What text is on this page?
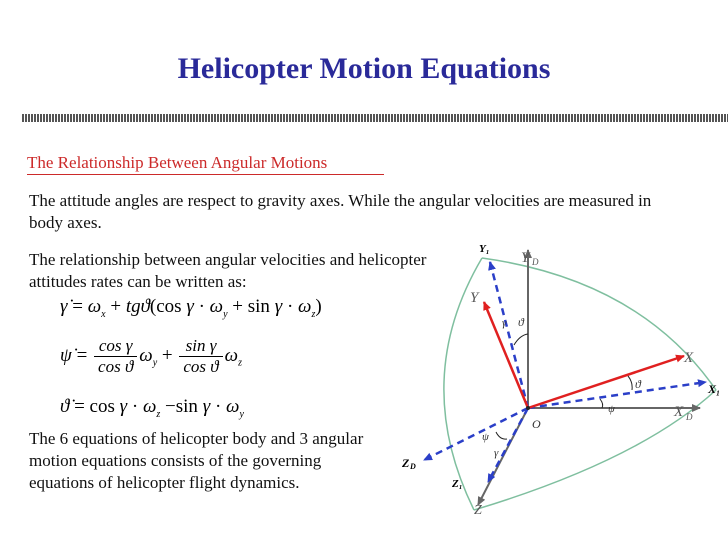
Helicopter Motion Equations
The Relationship Between Angular Motions
The attitude angles are respect to gravity axes. While the angular velocities are measured in body axes.
The relationship between angular velocities and helicopter attitudes rates can be written as:
γ̇ = $\omega_x + tgϑ(\cos$ $\gamma \cdot \omega_y + \sin \gamma \cdot \omega_z$)
ψ̇ = $\frac{\text{cos γ}}{\text{cos ϑ}} \omega_y + \frac{\text{sin γ}}{\text{cos ϑ}} \omega_z$
ϑ̇ = $\cos \gamma \cdot \omega_z -\sin$ $\gamma \cdot \omega_y$
The 6 equations of helicopter body and 3 angular motion equations consists of the governing equations of helicopter flight dynamics.
Y₁
Y D
Y
X
X₁
X D
Z D
Z₁
Z
O
ϑ
ϑ
ψ
ψ
γ
γ
